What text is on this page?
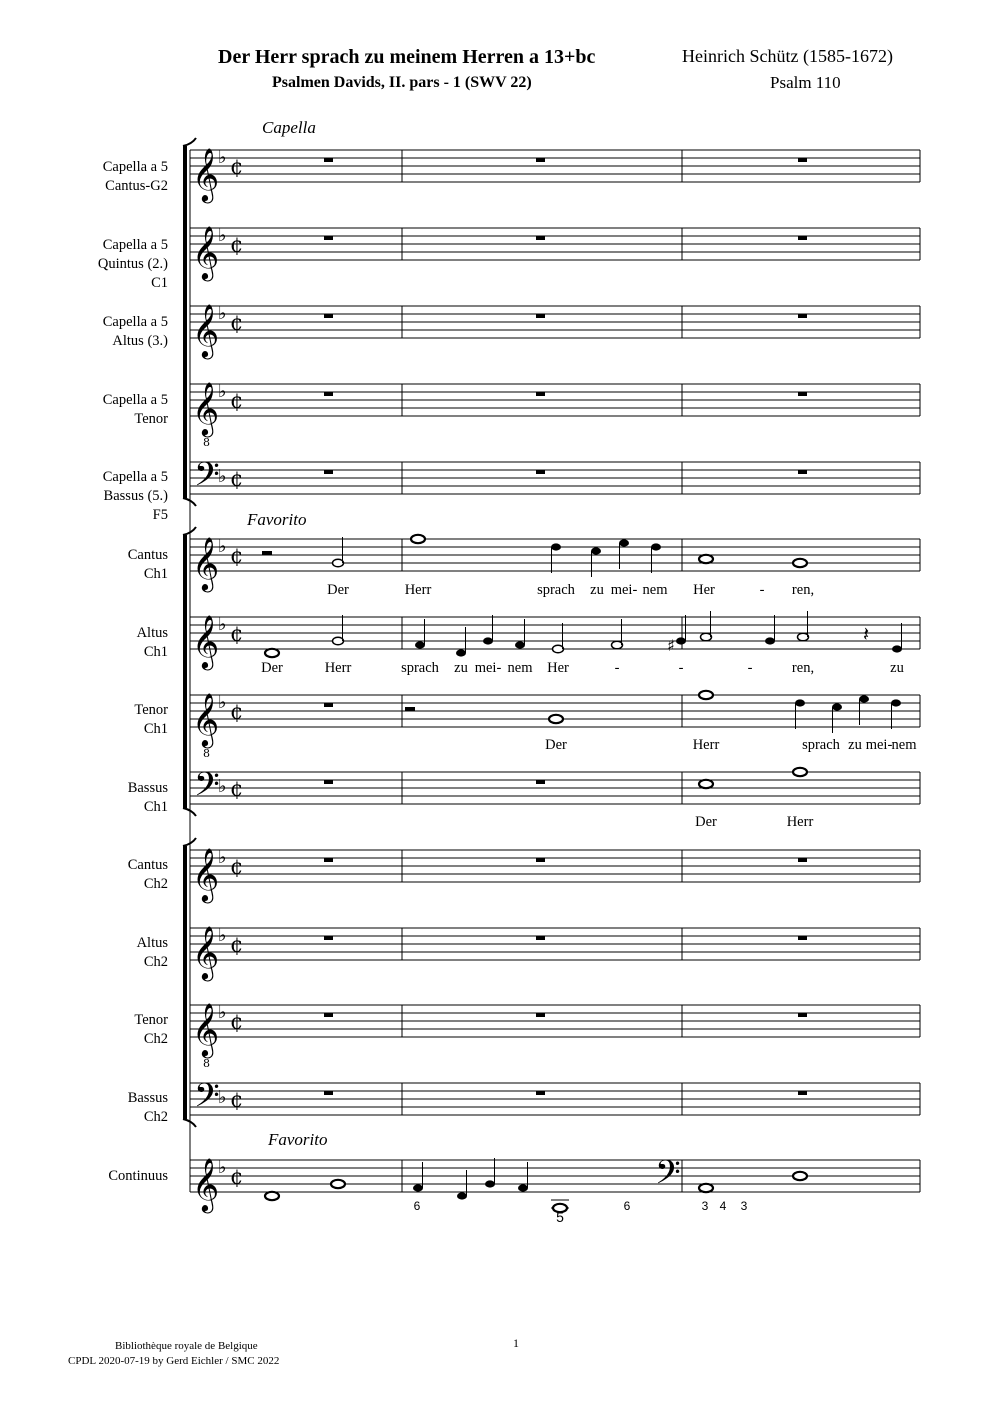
Der Herr sprach zu meinem Herren a 13+bc
Psalmen Davids, II. pars - 1 (SWV 22)
Heinrich Schütz (1585-1672)
Psalm 110
Capella
Favorito
Favorito
Capella a 5
Cantus-G2
Capella a 5
Quintus (2.)
C1
Capella a 5
Altus (3.)
Capella a 5
Tenor
Capella a 5
Bassus (5.)
F5
Cantus
Ch1
Altus
Ch1
Tenor
Ch1
Bassus
Ch1
Cantus
Ch2
Altus
Ch2
Tenor
Ch2
Bassus
Ch2
Continuus
𝄞
♭ ¢
𝄞
♭ ¢
𝄞
♭ ¢
𝄞
♭
8
¢
𝄢
♭ ¢
𝄞
♭ ¢
𝄞
♭ ¢
𝄞
♭
8
¢
𝄢
♭ ¢
𝄞
♭ ¢
𝄞
♭ ¢
𝄞
♭
8
¢
𝄢
♭ ¢
𝄞
♭ ¢
𝄽
♯
𝄢
Der	Herr	sprach zu mei- nem Her	- ren,
Der	Herr	sprach zu mei- nem Her	-	-	-	ren,	zu
Der	Herr	sprach zu mei- nem
Der	Herr
6
5
6	3 4 3
Bibliothèque royale de Belgique
CPDL 2020-07-19 by Gerd Eichler / SMC 2022
1
